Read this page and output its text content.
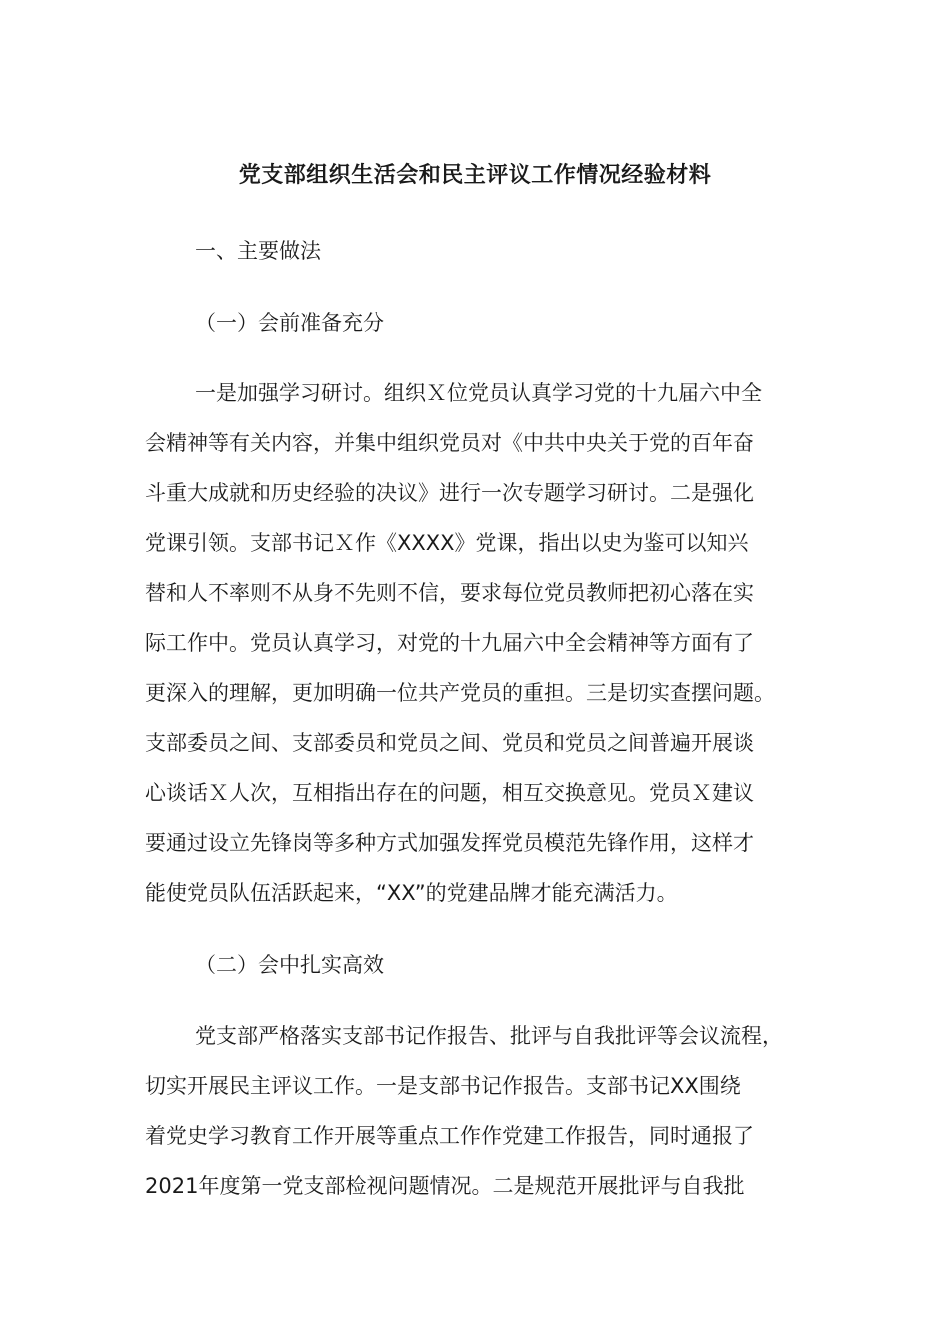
党支部组织生活会和民主评议工作情况经验材料
一、主要做法
（一）会前准备充分
一是加强学习研讨。组织Ｘ位党员认真学习党的十九届六中全
会精神等有关内容，并集中组织党员对《中共中央关于党的百年奋
斗重大成就和历史经验的决议》进行一次专题学习研讨。二是强化
党课引领。支部书记Ｘ作《XXXX》党课，指出以史为鉴可以知兴
替和人不率则不从身不先则不信，要求每位党员教师把初心落在实
际工作中。党员认真学习，对党的十九届六中全会精神等方面有了
更深入的理解，更加明确一位共产党员的重担。三是切实查摆问题。
支部委员之间、支部委员和党员之间、党员和党员之间普遍开展谈
心谈话Ｘ人次，互相指出存在的问题，相互交换意见。党员Ｘ建议
要通过设立先锋岗等多种方式加强发挥党员模范先锋作用，这样才
能使党员队伍活跃起来，“XX”的党建品牌才能充满活力。
（二）会中扎实高效
党支部严格落实支部书记作报告、批评与自我批评等会议流程，
切实开展民主评议工作。一是支部书记作报告。支部书记XX围绕
着党史学习教育工作开展等重点工作作党建工作报告，同时通报了
2021年度第一党支部检视问题情况。二是规范开展批评与自我批
